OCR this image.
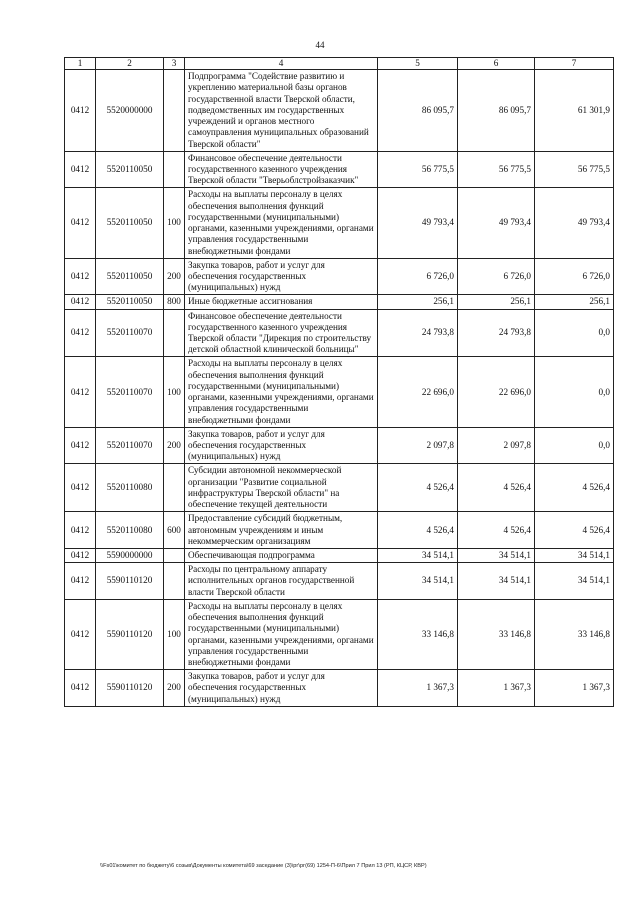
44
1	2	3	4	5	6	7
0412	5520000000		Подпрограмма "Содействие развитию и укреплению материальной базы органов государственной власти Тверской области, подведомственных им государственных учреждений и органов местного самоуправления муниципальных образований Тверской области"	86 095,7	86 095,7	61 301,9
0412	5520110050		Финансовое обеспечение деятельности государственного казенного учреждения Тверской области "Тверьоблстройзаказчик"	56 775,5	56 775,5	56 775,5
0412	5520110050	100	Расходы на выплаты персоналу в целях обеспечения выполнения функций государственными (муниципальными) органами, казенными учреждениями, органами управления государственными внебюджетными фондами	49 793,4	49 793,4	49 793,4
0412	5520110050	200	Закупка товаров, работ и услуг для обеспечения государственных (муниципальных) нужд	6 726,0	6 726,0	6 726,0
0412	5520110050	800	Иные бюджетные ассигнования	256,1	256,1	256,1
0412	5520110070		Финансовое обеспечение деятельности государственного казенного учреждения Тверской области "Дирекция по строительству детской областной клинической больницы"	24 793,8	24 793,8	0,0
0412	5520110070	100	Расходы на выплаты персоналу в целях обеспечения выполнения функций государственными (муниципальными) органами, казенными учреждениями, органами управления государственными внебюджетными фондами	22 696,0	22 696,0	0,0
0412	5520110070	200	Закупка товаров, работ и услуг для обеспечения государственных (муниципальных) нужд	2 097,8	2 097,8	0,0
0412	5520110080		Субсидии автономной некоммерческой организации "Развитие социальной инфраструктуры Тверской области" на обеспечение текущей деятельности	4 526,4	4 526,4	4 526,4
0412	5520110080	600	Предоставление субсидий бюджетным, автономным учреждениям и иным некоммерческим организациям	4 526,4	4 526,4	4 526,4
0412	5590000000		Обеспечивающая подпрограмма	34 514,1	34 514,1	34 514,1
0412	5590110120		Расходы по центральному аппарату исполнительных органов государственной власти Тверской области	34 514,1	34 514,1	34 514,1
0412	5590110120	100	Расходы на выплаты персоналу в целях обеспечения выполнения функций государственными (муниципальными) органами, казенными учреждениями, органами управления государственными внебюджетными фондами	33 146,8	33 146,8	33 146,8
0412	5590110120	200	Закупка товаров, работ и услуг для обеспечения государственных (муниципальных) нужд	1 367,3	1 367,3	1 367,3
\\Fs01\комитет по бюджету\6 созыв\Документы комитета\69 заседание (3)\рг\рг(69) 1254-П-6\Прил 7 Прил 13 (РП, КЦСР, КВР)
